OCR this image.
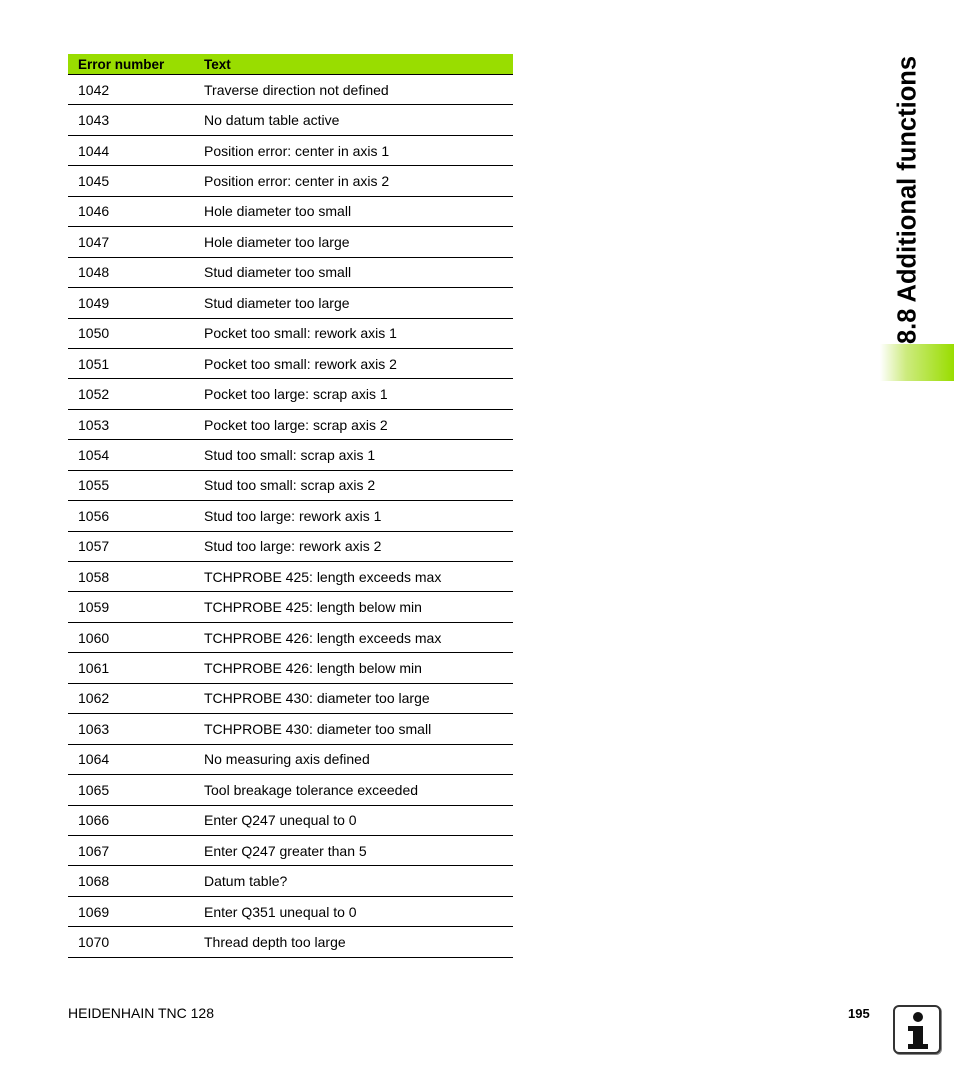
Error number	Text
1042	Traverse direction not defined
1043	No datum table active
1044	Position error: center in axis 1
1045	Position error: center in axis 2
1046	Hole diameter too small
1047	Hole diameter too large
1048	Stud diameter too small
1049	Stud diameter too large
1050	Pocket too small: rework axis 1
1051	Pocket too small: rework axis 2
1052	Pocket too large: scrap axis 1
1053	Pocket too large: scrap axis 2
1054	Stud too small: scrap axis 1
1055	Stud too small: scrap axis 2
1056	Stud too large: rework axis 1
1057	Stud too large: rework axis 2
1058	TCHPROBE 425: length exceeds max
1059	TCHPROBE 425: length below min
1060	TCHPROBE 426: length exceeds max
1061	TCHPROBE 426: length below min
1062	TCHPROBE 430: diameter too large
1063	TCHPROBE 430: diameter too small
1064	No measuring axis defined
1065	Tool breakage tolerance exceeded
1066	Enter Q247 unequal to 0
1067	Enter Q247 greater than 5
1068	Datum table?
1069	Enter Q351 unequal to 0
1070	Thread depth too large
8.8 Additional functions
HEIDENHAIN TNC 128	195
